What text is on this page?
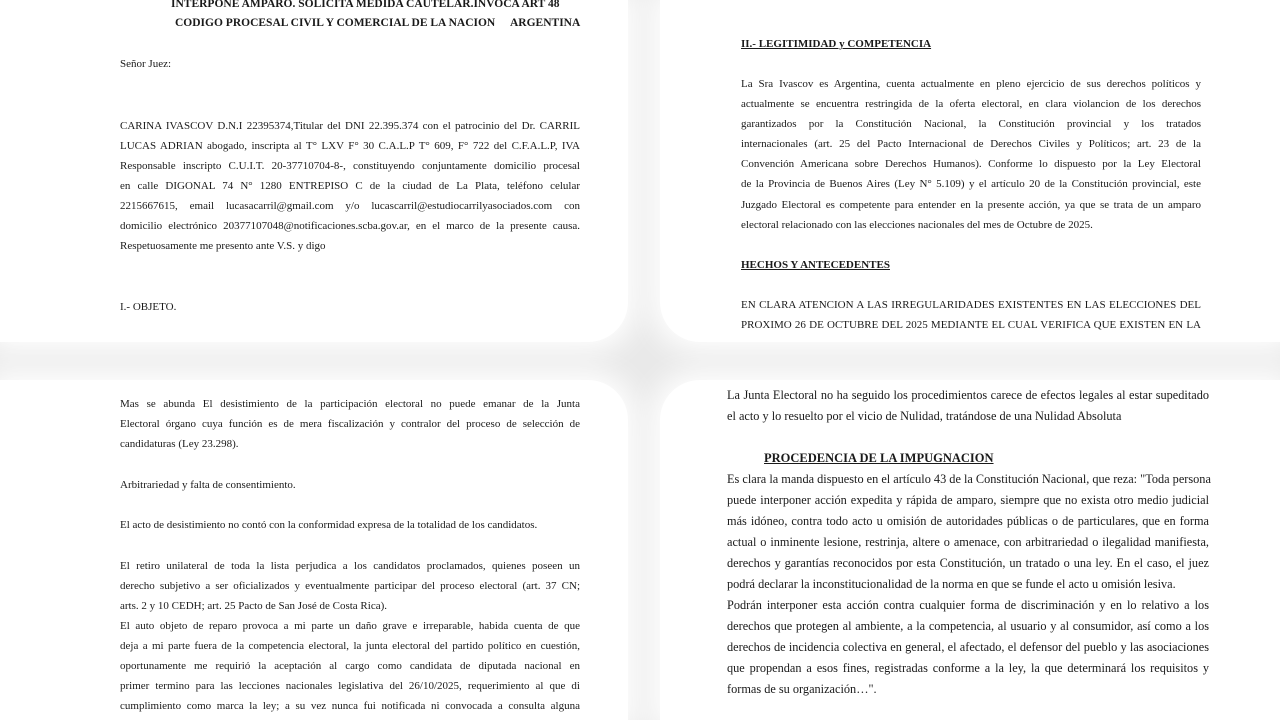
INTERPONE AMPARO. SOLICITA MEDIDA CAUTELAR.INVOCA ART 48
CODIGO PROCESAL CIVIL Y COMERCIAL DE LA NACION ARGENTINA
Señor Juez:
CARINA IVASCOV D.N.I 22395374,Titular del DNI 22.395.374 con el patrocinio del Dr. CARRIL
LUCAS ADRIAN abogado, inscripta al T° LXV F° 30 C.A.L.P T° 609, F° 722 del C.F.A.L.P, IVA
Responsable inscripto C.U.I.T. 20-37710704-8-, constituyendo conjuntamente domicilio procesal
en calle DIGONAL 74 N° 1280 ENTREPISO C de la ciudad de La Plata, teléfono celular
2215667615, email lucasacarril@gmail.com y/o lucascarril@estudiocarrilyasociados.com con
domicilio electrónico 20377107048@notificaciones.scba.gov.ar, en el marco de la presente causa.
Respetuosamente me presento ante V.S. y digo
I.- OBJETO.
II.- LEGITIMIDAD y COMPETENCIA
La Sra Ivascov es Argentina, cuenta actualmente en pleno ejercicio de sus derechos políticos y
actualmente se encuentra restringida de la oferta electoral, en clara violancion de los derechos
garantizados por la Constitución Nacional, la Constitución provincial y los tratados
internacionales (art. 25 del Pacto Internacional de Derechos Civiles y Políticos; art. 23 de la
Convención Americana sobre Derechos Humanos). Conforme lo dispuesto por la Ley Electoral
de la Provincia de Buenos Aires (Ley N° 5.109) y el artículo 20 de la Constitución provincial, este
Juzgado Electoral es competente para entender en la presente acción, ya que se trata de un amparo
electoral relacionado con las elecciones nacionales del mes de Octubre de 2025.
HECHOS Y ANTECEDENTES
EN CLARA ATENCION A LAS IRREGULARIDADES EXISTENTES EN LAS ELECCIONES DEL
PROXIMO 26 DE OCTUBRE DEL 2025 MEDIANTE EL CUAL VERIFICA QUE EXISTEN EN LA
Mas se abunda El desistimiento de la participación electoral no puede emanar de la Junta
Electoral órgano cuya función es de mera fiscalización y contralor del proceso de selección de
candidaturas (Ley 23.298).
Arbitrariedad y falta de consentimiento.
El acto de desistimiento no contó con la conformidad expresa de la totalidad de los candidatos.
El retiro unilateral de toda la lista perjudica a los candidatos proclamados, quienes poseen un
derecho subjetivo a ser oficializados y eventualmente participar del proceso electoral (art. 37 CN;
arts. 2 y 10 CEDH; art. 25 Pacto de San José de Costa Rica).
El auto objeto de reparo provoca a mi parte un daño grave e irreparable, habida cuenta de que
deja a mi parte fuera de la competencia electoral, la junta electoral del partido político en cuestión,
oportunamente me requirió la aceptación al cargo como candidata de diputada nacional en
primer termino para las lecciones nacionales legislativa del 26/10/2025, requerimiento al que di
cumplimiento como marca la ley; a su vez nunca fui notificada ni convocada a consulta alguna
La Junta Electoral no ha seguido los procedimientos carece de efectos legales al estar supeditado
el acto y lo resuelto por el vicio de Nulidad, tratándose de una Nulidad Absoluta
PROCEDENCIA DE LA IMPUGNACION
Es clara la manda dispuesto en el artículo 43 de la Constitución Nacional, que reza: "Toda persona
puede interponer acción expedita y rápida de amparo, siempre que no exista otro medio judicial
más idóneo, contra todo acto u omisión de autoridades públicas o de particulares, que en forma
actual o inminente lesione, restrinja, altere o amenace, con arbitrariedad o ilegalidad manifiesta,
derechos y garantías reconocidos por esta Constitución, un tratado o una ley. En el caso, el juez
podrá declarar la inconstitucionalidad de la norma en que se funde el acto u omisión lesiva.
Podrán interponer esta acción contra cualquier forma de discriminación y en lo relativo a los
derechos que protegen al ambiente, a la competencia, al usuario y al consumidor, así como a los
derechos de incidencia colectiva en general, el afectado, el defensor del pueblo y las asociaciones
que propendan a esos fines, registradas conforme a la ley, la que determinará los requisitos y
formas de su organización…".
